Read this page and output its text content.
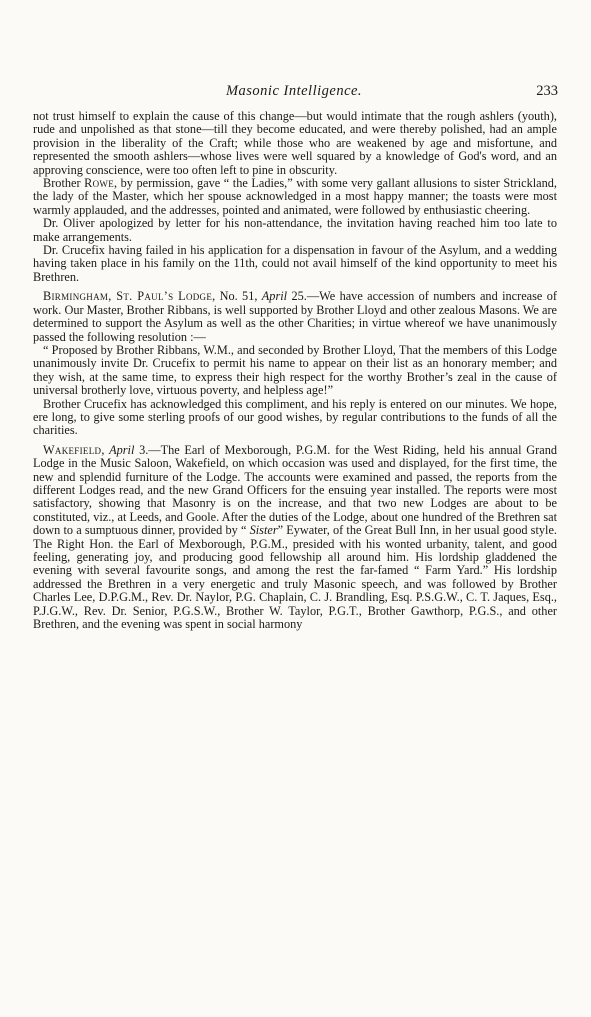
Masonic Intelligence.	233

not trust himself to explain the cause of this change—but would intimate that the rough ashlers (youth), rude and unpolished as that stone—till they become educated, and were thereby polished, had an ample provision in the liberality of the Craft; while those who are weakened by age and misfortune, and represented the smooth ashlers—whose lives were well squared by a knowledge of God's word, and an approving conscience, were too often left to pine in obscurity.

Brother Rowe, by permission, gave “ the Ladies,” with some very gallant allusions to sister Strickland, the lady of the Master, which her spouse acknowledged in a most happy manner; the toasts were most warmly applauded, and the addresses, pointed and animated, were followed by enthusiastic cheering.

Dr. Oliver apologized by letter for his non-attendance, the invitation having reached him too late to make arrangements.

Dr. Crucefix having failed in his application for a dispensation in favour of the Asylum, and a wedding having taken place in his family on the 11th, could not avail himself of the kind opportunity to meet his Brethren.

Birmingham, St. Paul’s Lodge, No. 51, April 25.—We have accession of numbers and increase of work. Our Master, Brother Ribbans, is well supported by Brother Lloyd and other zealous Masons. We are determined to support the Asylum as well as the other Charities; in virtue whereof we have unanimously passed the following resolution :—

“ Proposed by Brother Ribbans, W.M., and seconded by Brother Lloyd, That the members of this Lodge unanimously invite Dr. Crucefix to permit his name to appear on their list as an honorary member; and they wish, at the same time, to express their high respect for the worthy Brother’s zeal in the cause of universal brotherly love, virtuous poverty, and helpless age!”

Brother Crucefix has acknowledged this compliment, and his reply is entered on our minutes. We hope, ere long, to give some sterling proofs of our good wishes, by regular contributions to the funds of all the charities.

Wakefield, April 3.—The Earl of Mexborough, P.G.M. for the West Riding, held his annual Grand Lodge in the Music Saloon, Wakefield, on which occasion was used and displayed, for the first time, the new and splendid furniture of the Lodge. The accounts were examined and passed, the reports from the different Lodges read, and the new Grand Officers for the ensuing year installed. The reports were most satisfactory, showing that Masonry is on the increase, and that two new Lodges are about to be constituted, viz., at Leeds, and Goole. After the duties of the Lodge, about one hundred of the Brethren sat down to a sumptuous dinner, provided by “ Sister” Eywater, of the Great Bull Inn, in her usual good style. The Right Hon. the Earl of Mexborough, P.G.M., presided with his wonted urbanity, talent, and good feeling, generating joy, and producing good fellowship all around him. His lordship gladdened the evening with several favourite songs, and among the rest the far-famed “ Farm Yard.” His lordship addressed the Brethren in a very energetic and truly Masonic speech, and was followed by Brother Charles Lee, D.P.G.M., Rev. Dr. Naylor, P.G. Chaplain, C. J. Brandling, Esq. P.S.G.W., C. T. Jaques, Esq., P.J.G.W., Rev. Dr. Senior, P.G.S.W., Brother W. Taylor, P.G.T., Brother Gawthorp, P.G.S., and other Brethren, and the evening was spent in social harmony
